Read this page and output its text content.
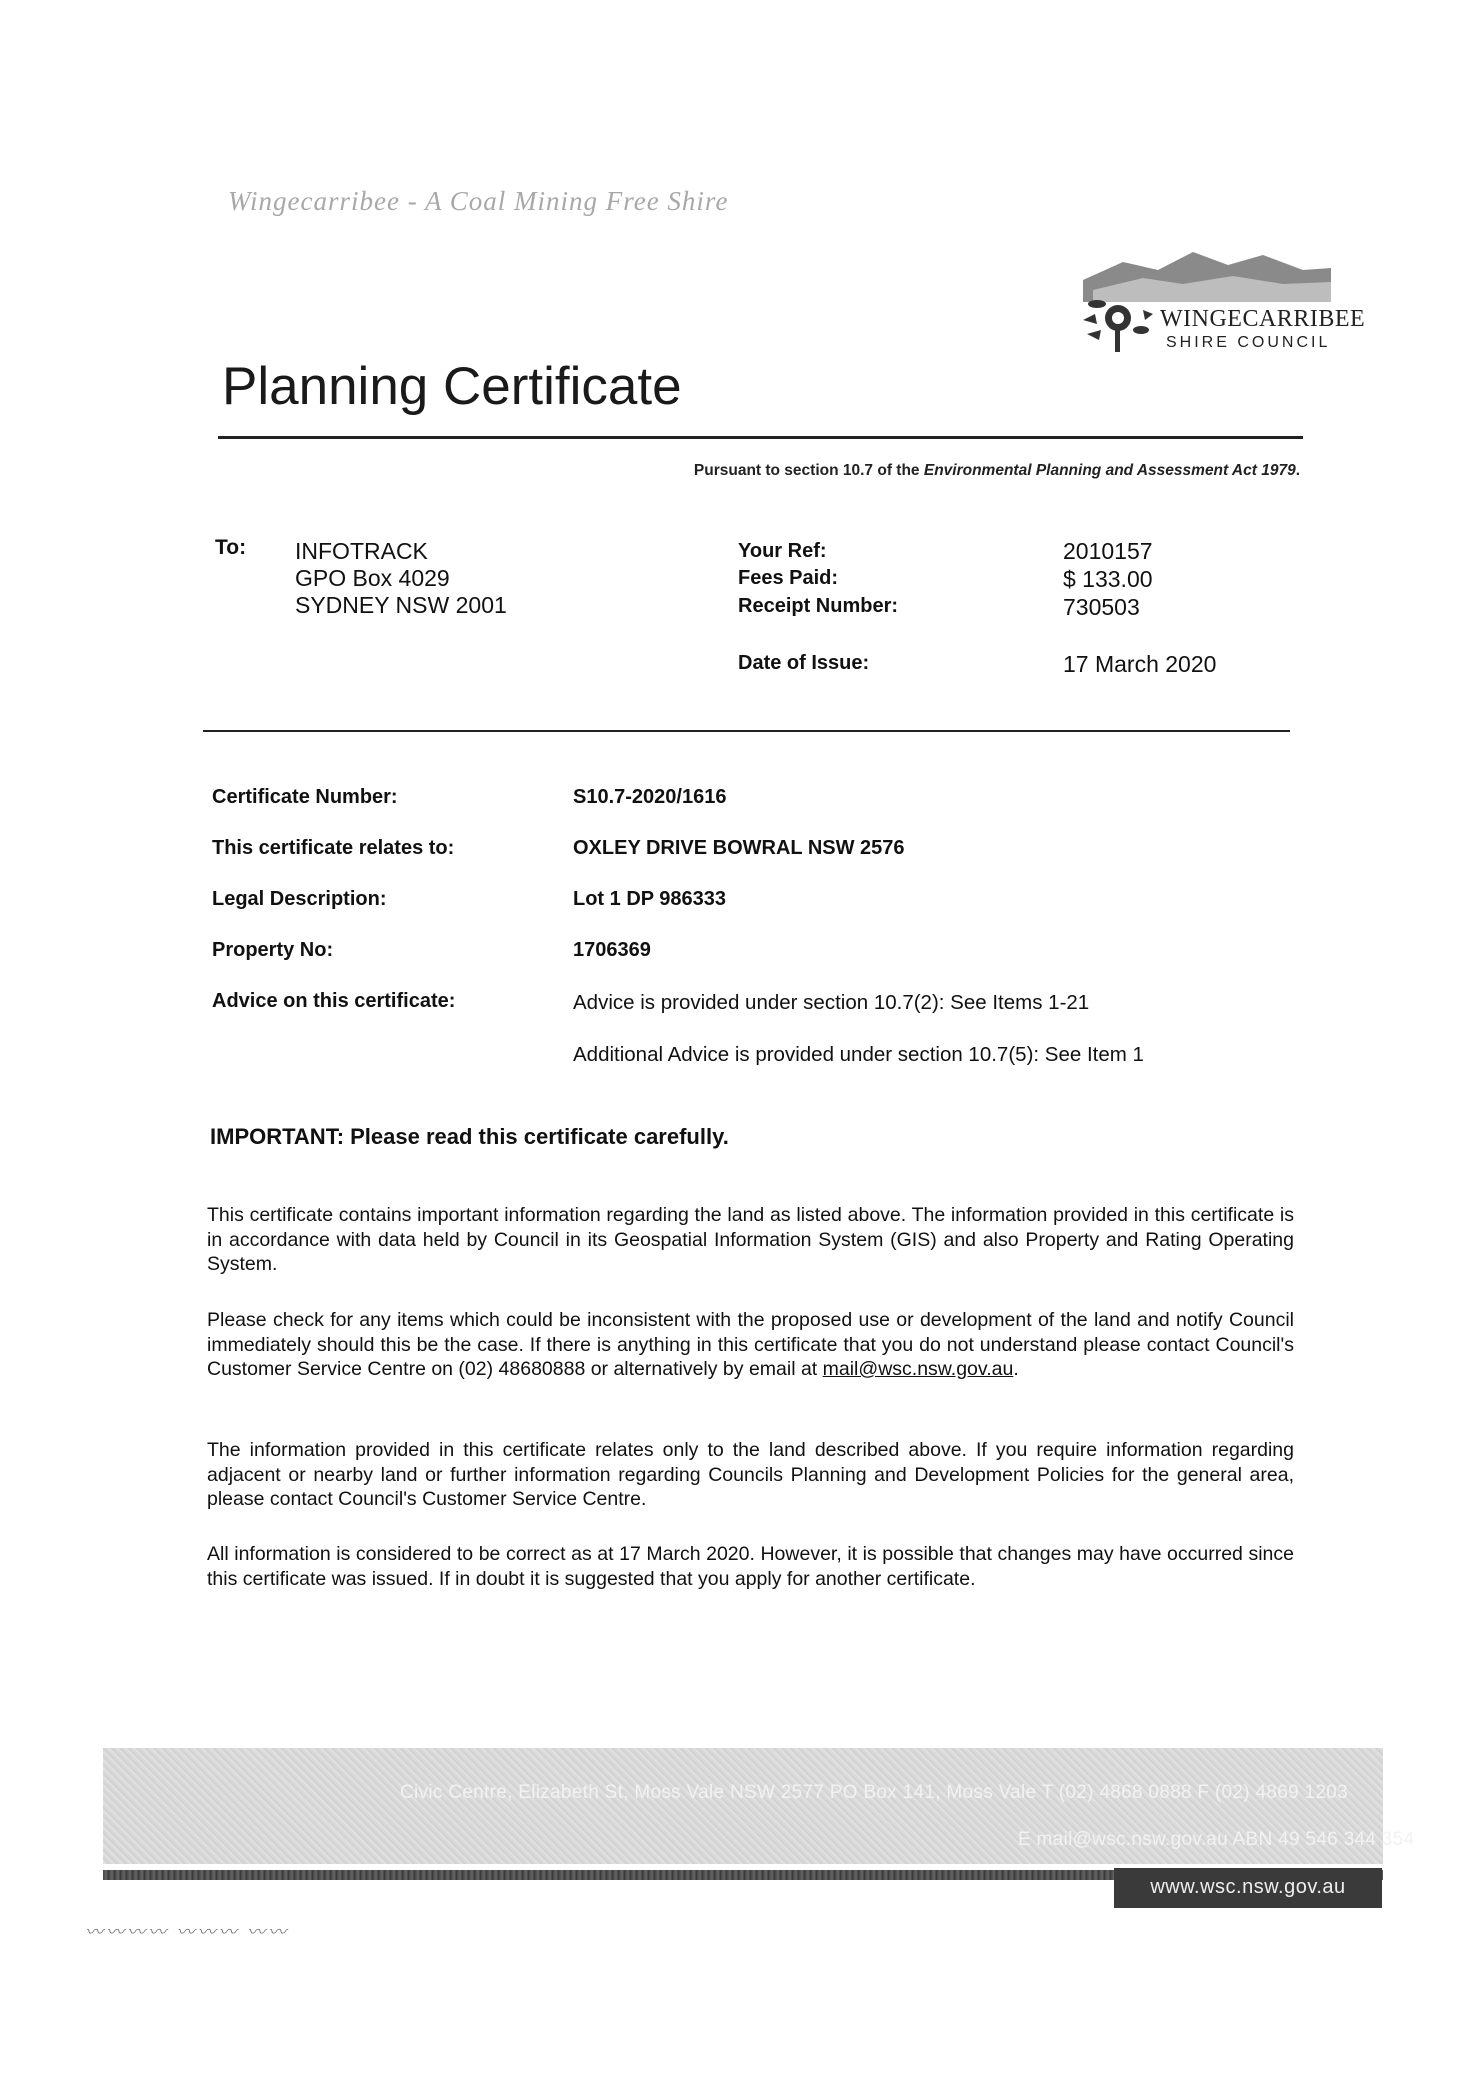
Wingecarribee - A Coal Mining Free Shire
WINGECARRIBEE
SHIRE COUNCIL
Planning Certificate
Pursuant to section 10.7 of the Environmental Planning and Assessment Act 1979.
To: INFOTRACK
GPO Box 4029
SYDNEY NSW 2001
Your Ref:	2010157
Fees Paid:	$ 133.00
Receipt Number:	730503
Date of Issue:	17 March 2020
Certificate Number:	S10.7-2020/1616
This certificate relates to:	OXLEY DRIVE BOWRAL NSW 2576
Legal Description:	Lot 1 DP 986333
Property No:	1706369
Advice on this certificate:	Advice is provided under section 10.7(2): See Items 1-21
Additional Advice is provided under section 10.7(5): See Item 1
IMPORTANT: Please read this certificate carefully.
This certificate contains important information regarding the land as listed above. The information provided in this certificate is in accordance with data held by Council in its Geospatial Information System (GIS) and also Property and Rating Operating System.
Please check for any items which could be inconsistent with the proposed use or development of the land and notify Council immediately should this be the case. If there is anything in this certificate that you do not understand please contact Council's Customer Service Centre on (02) 48680888 or alternatively by email at mail@wsc.nsw.gov.au.
The information provided in this certificate relates only to the land described above. If you require information regarding adjacent or nearby land or further information regarding Councils Planning and Development Policies for the general area, please contact Council's Customer Service Centre.
All information is considered to be correct as at 17 March 2020. However, it is possible that changes may have occurred since this certificate was issued. If in doubt it is suggested that you apply for another certificate.
Civic Centre, Elizabeth St, Moss Vale NSW 2577 PO Box 141, Moss Vale T (02) 4868 0888 F (02) 4869 1203
E mail@wsc.nsw.gov.au ABN 49 546 344 354
www.wsc.nsw.gov.au
〰〰〰〰 〰〰〰 〰〰
